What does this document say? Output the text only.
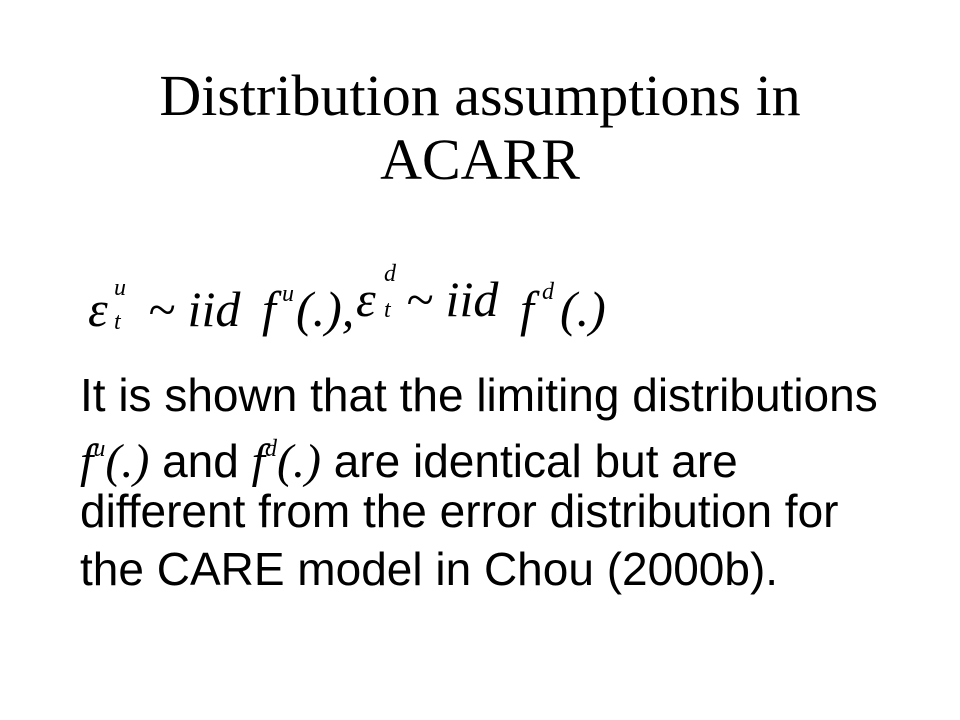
Distribution assumptions in
ACARR
ε u
t ~ iid f u (.), ε d
t ~ iid f d (.)
It is shown that the limiting distributions
$f^u(.)$ and $f^d(.)$ are identical but are
different from the error distribution for
the CARE model in Chou (2000b).
